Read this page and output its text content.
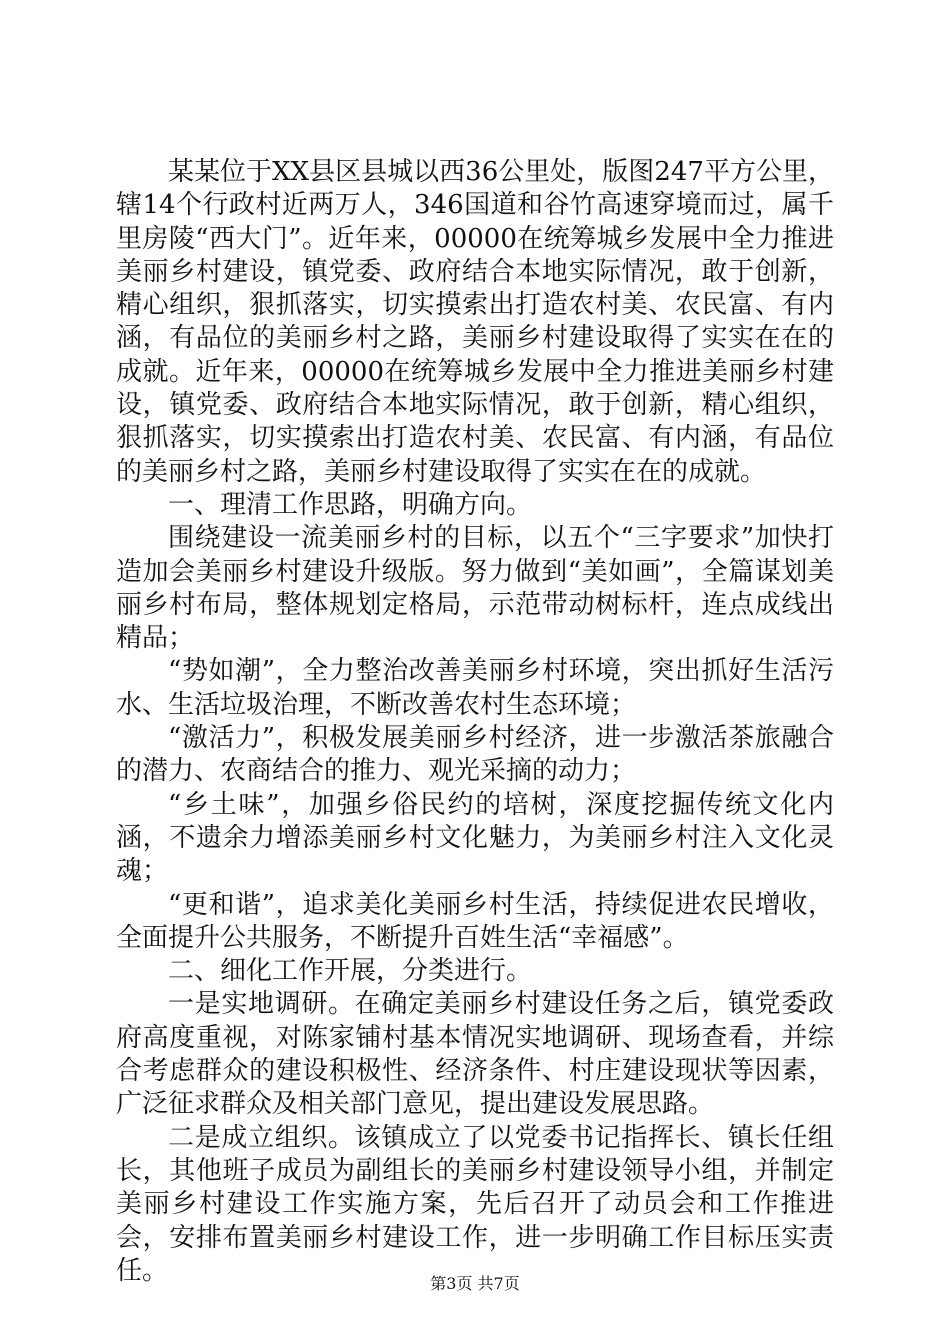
某某位于XX县区县城以西36公里处，版图247平方公里，辖14个行政村近两万人，346国道和谷竹高速穿境而过，属千里房陵“西大门”。近年来，00000在统筹城乡发展中全力推进美丽乡村建设，镇党委、政府结合本地实际情况，敢于创新，精心组织，狠抓落实，切实摸索出打造农村美、农民富、有内涵，有品位的美丽乡村之路，美丽乡村建设取得了实实在在的成就。近年来，00000在统筹城乡发展中全力推进美丽乡村建设，镇党委、政府结合本地实际情况，敢于创新，精心组织，狠抓落实，切实摸索出打造农村美、农民富、有内涵，有品位的美丽乡村之路，美丽乡村建设取得了实实在在的成就。

一、理清工作思路，明确方向。

围绕建设一流美丽乡村的目标，以五个“三字要求”加快打造加会美丽乡村建设升级版。努力做到“美如画”，全篇谋划美丽乡村布局，整体规划定格局，示范带动树标杆，连点成线出精品；

“势如潮”，全力整治改善美丽乡村环境，突出抓好生活污水、生活垃圾治理，不断改善农村生态环境；

“激活力”，积极发展美丽乡村经济，进一步激活茶旅融合的潜力、农商结合的推力、观光采摘的动力；

“乡土味”，加强乡俗民约的培树，深度挖掘传统文化内涵，不遗余力增添美丽乡村文化魅力，为美丽乡村注入文化灵魂；

“更和谐”，追求美化美丽乡村生活，持续促进农民增收，全面提升公共服务，不断提升百姓生活“幸福感”。

二、细化工作开展，分类进行。

一是实地调研。在确定美丽乡村建设任务之后，镇党委政府高度重视，对陈家铺村基本情况实地调研、现场查看，并综合考虑群众的建设积极性、经济条件、村庄建设现状等因素，广泛征求群众及相关部门意见，提出建设发展思路。

二是成立组织。该镇成立了以党委书记指挥长、镇长任组长，其他班子成员为副组长的美丽乡村建设领导小组，并制定美丽乡村建设工作实施方案，先后召开了动员会和工作推进会，安排布置美丽乡村建设工作，进一步明确工作目标压实责任。	第3页 共7页
